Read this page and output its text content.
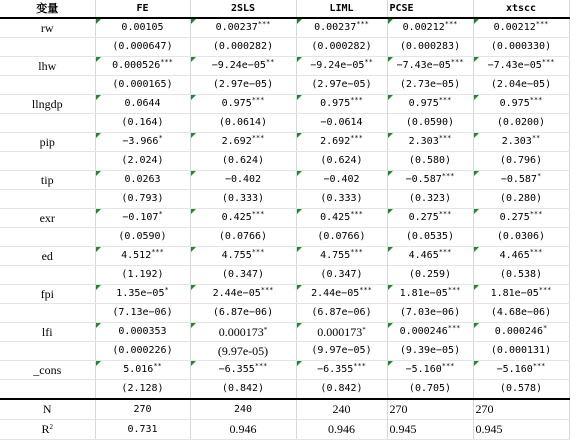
变量	FE	2SLS	LIML	PCSE	xtscc
rw	0.00105	0.00237***	0.00237***	0.00212***	0.00212***
	(0.000647)	(0.000282)	(0.000282)	(0.000283)	(0.000330)
lhw	0.000526***	−9.24e−05**	−9.24e−05**	−7.43e−05***	−7.43e−05***
	(0.000165)	(2.97e−05)	(2.97e−05)	(2.73e−05)	(2.04e−05)
llngdp	0.0644	0.975***	0.975***	0.975***	0.975***
	(0.164)	(0.0614)	−0.0614	(0.0590)	(0.0200)
pip	−3.966*	2.692***	2.692***	2.303***	2.303**
	(2.024)	(0.624)	(0.624)	(0.580)	(0.796)
tip	0.0263	−0.402	−0.402	−0.587***	−0.587*
	(0.793)	(0.333)	(0.333)	(0.323)	(0.280)
exr	−0.107*	0.425***	0.425***	0.275***	0.275***
	(0.0590)	(0.0766)	(0.0766)	(0.0535)	(0.0306)
ed	4.512***	4.755***	4.755***	4.465***	4.465***
	(1.192)	(0.347)	(0.347)	(0.259)	(0.538)
fpi	1.35e−05*	2.44e−05***	2.44e−05***	1.81e−05***	1.81e−05***
	(7.13e−06)	(6.87e−06)	(6.87e−06)	(7.03e−06)	(4.68e−06)
lfi	0.000353	0.000173*	0.000173*	0.000246***	0.000246*
	(0.000226)	(9.97e-05)	(9.97e−05)	(9.39e−05)	(0.000131)
_cons	5.016**	−6.355***	−6.355***	−5.160***	−5.160***
	(2.128)	(0.842)	(0.842)	(0.705)	(0.578)
N	270	240	240	270	270
$R^2$	0.731	0.946	0.946	0.945	0.945
